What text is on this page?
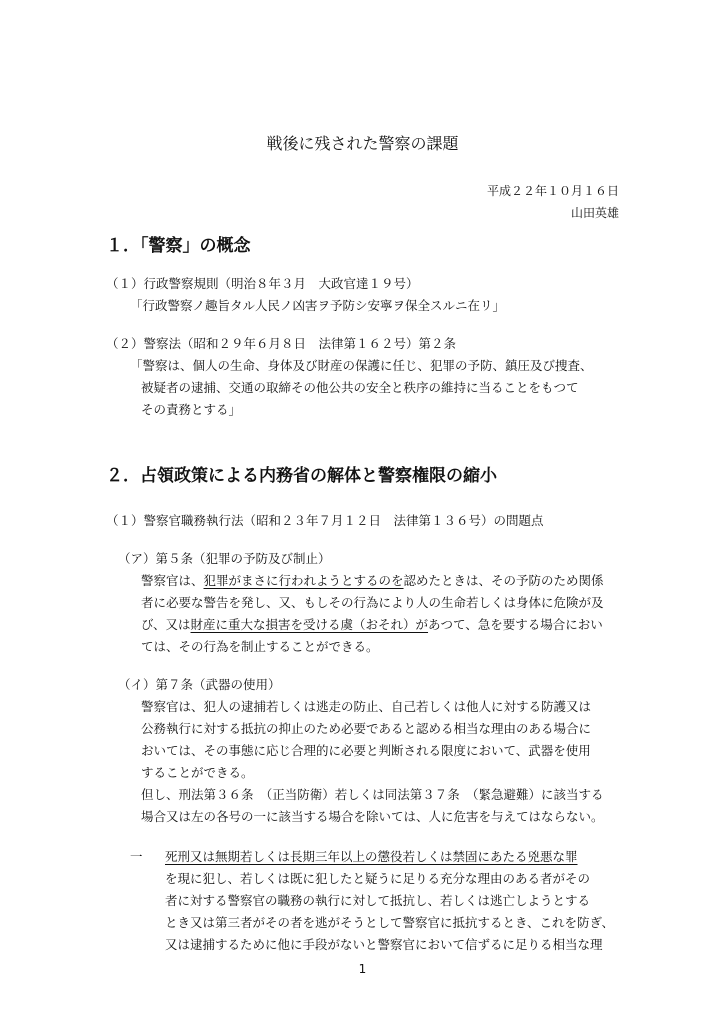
戦後に残された警察の課題
平成２２年１０月１６日
山田英雄
１．「警察」の概念
（１）行政警察規則（明治８年３月　大政官達１９号）
「行政警察ノ趣旨タル人民ノ凶害ヲ予防シ安寧ヲ保全スルニ在リ」
（２）警察法（昭和２９年６月８日　法律第１６２号）第２条
「警察は、個人の生命、身体及び財産の保護に任じ、犯罪の予防、鎮圧及び捜査、
被疑者の逮捕、交通の取締その他公共の安全と秩序の維持に当ることをもつて
その責務とする」
２．占領政策による内務省の解体と警察権限の縮小
（１）警察官職務執行法（昭和２３年７月１２日　法律第１３６号）の問題点
（ア）第５条（犯罪の予防及び制止）
警察官は、犯罪がまさに行われようとするのを認めたときは、その予防のため関係
者に必要な警告を発し、又、もしその行為により人の生命若しくは身体に危険が及
び、又は財産に重大な損害を受ける虞（おそれ）があつて、急を要する場合におい
ては、その行為を制止することができる。
（イ）第７条（武器の使用）
警察官は、犯人の逮捕若しくは逃走の防止、自己若しくは他人に対する防護又は
公務執行に対する抵抗の抑止のため必要であると認める相当な理由のある場合に
おいては、その事態に応じ合理的に必要と判断される限度において、武器を使用
することができる。
但し、刑法第３６条　（正当防衛）若しくは同法第３７条　（緊急避難）に該当する
場合又は左の各号の一に該当する場合を除いては、人に危害を与えてはならない。
一 死刑又は無期若しくは長期三年以上の懲役若しくは禁固にあたる兇悪な罪
を現に犯し、若しくは既に犯したと疑うに足りる充分な理由のある者がその
者に対する警察官の職務の執行に対して抵抗し、若しくは逃亡しようとする
とき又は第三者がその者を逃がそうとして警察官に抵抗するとき、これを防ぎ、
又は逮捕するために他に手段がないと警察官において信ずるに足りる相当な理
1
